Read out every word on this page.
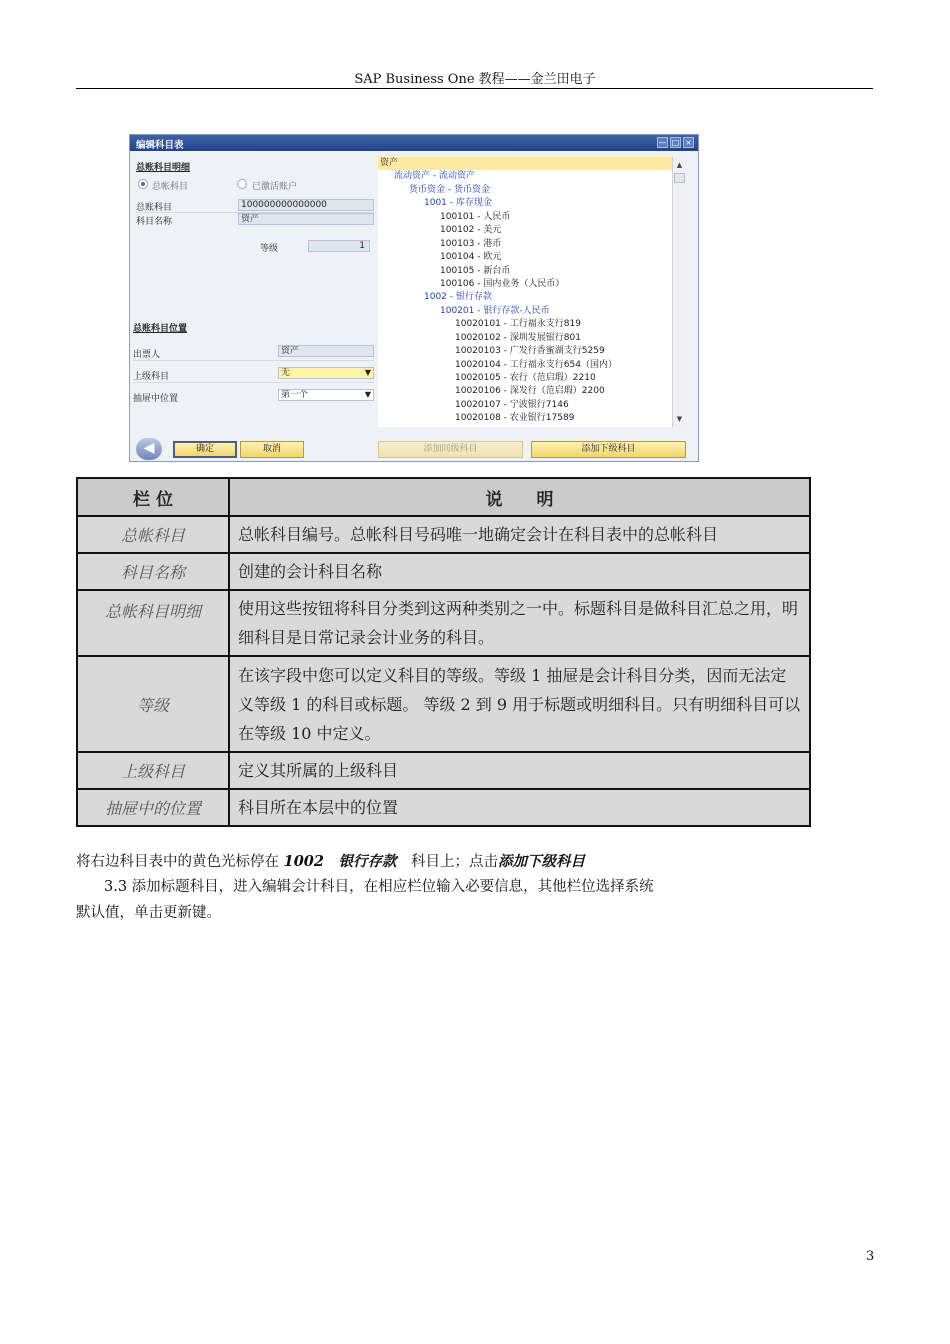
SAP Business One 教程——金兰田电子
编辑科目表	— □ ×
总账科目明细
总帐科目	已激活账户
总账科目	100000000000000
科目名称	资产
等级	1
总账科目位置
出票人	资产
上级科目	无	▼
抽屉中位置	第一个	▼
资产
流动资产 - 流动资产
货币资金 - 货币资金
1001 - 库存现金
100101 - 人民币
100102 - 美元
100103 - 港币
100104 - 欧元
100105 - 新台币
100106 - 国内业务（人民币）
1002 - 银行存款
100201 - 银行存款-人民币
10020101 - 工行福永支行819
10020102 - 深圳发展银行801
10020103 - 广发行香蜜湖支行5259
10020104 - 工行福永支行654（国内）
10020105 - 农行（范启瑕）2210
10020106 - 深发行（范启瑕）2200
10020107 - 宁波银行7146
10020108 - 农业银行17589
▲
▼
◀	确定	取消	添加同级科目	添加下级科目
栏 位	说　　明
总帐科目	总帐科目编号。总帐科目号码唯一地确定会计在科目表中的总帐科目
科目名称	创建的会计科目名称
总帐科目明细	使用这些按钮将科目分类到这两种类别之一中。标题科目是做科目汇总之用，明细科目是日常记录会计业务的科目。
等级	在该字段中您可以定义科目的等级。等级 1 抽屉是会计科目分类，因而无法定义等级 1 的科目或标题。 等级 2 到 9 用于标题或明细科目。只有明细科目可以在等级 10 中定义。
上级科目	定义其所属的上级科目
抽屉中的位置	科目所在本层中的位置
将右边科目表中的黄色光标停在 1002　银行存款　科目上；点击添加下级科目
3.3 添加标题科目，进入编辑会计科目，在相应栏位输入必要信息，其他栏位选择系统
默认值，单击更新键。
3
